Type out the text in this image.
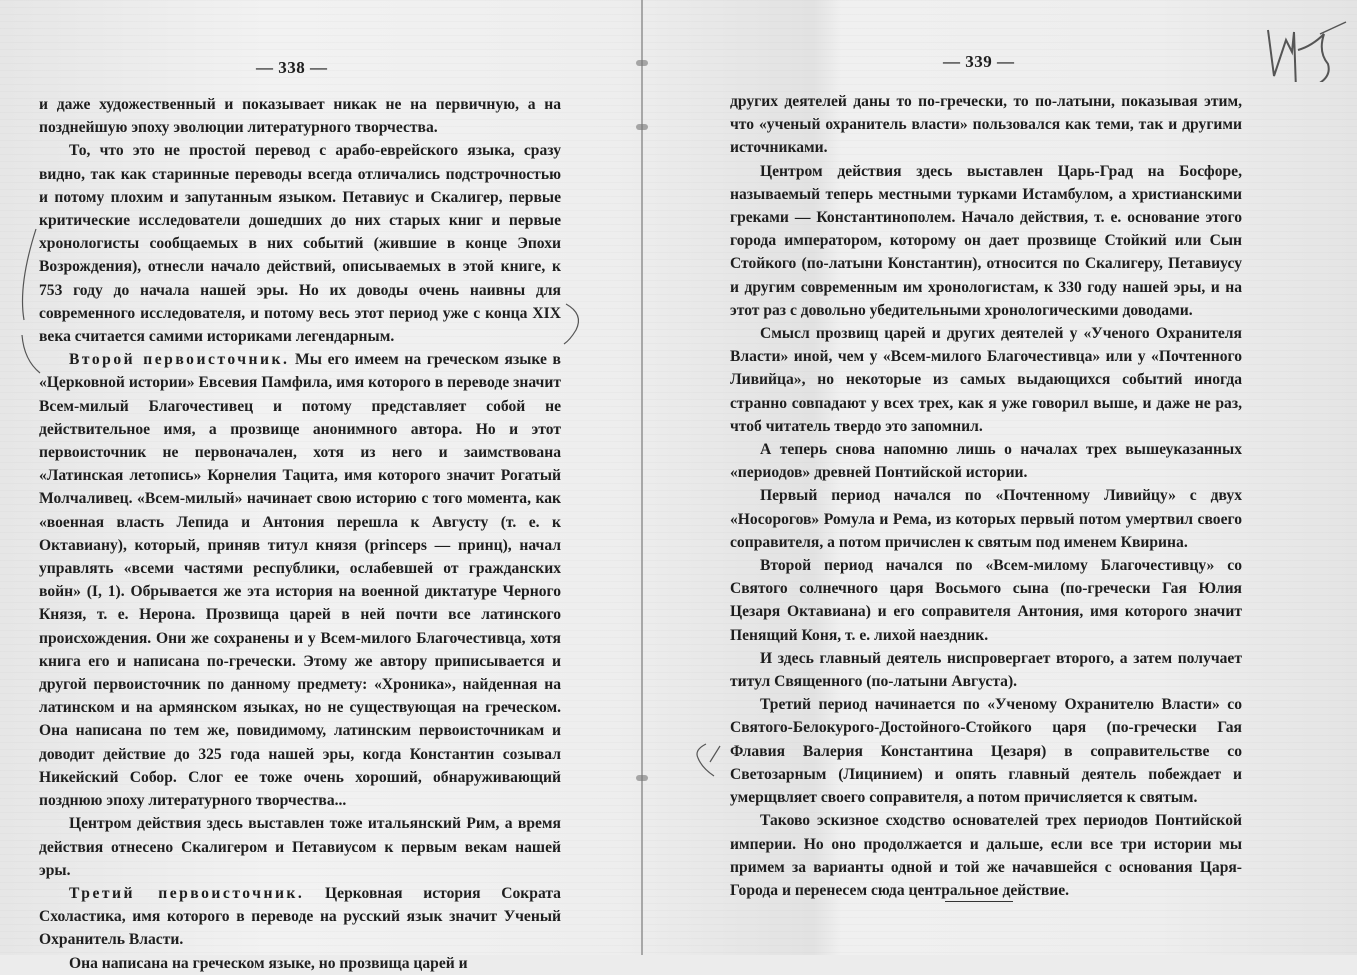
— 338 —

и даже художественный и показывает никак не на первичную, а на позднейшую эпоху эволюции литературного творчества.

То, что это не простой перевод с арабо-еврейского языка, сразу видно, так как старинные переводы всегда отличались подстрочностью и потому плохим и запутанным языком. Петавиус и Скалигер, первые критические исследователи дошедших до них старых книг и первые хронологисты сообщаемых в них событий (жившие в конце Эпохи Возрождения), отнесли начало действий, описываемых в этой книге, к 753 году до начала нашей эры. Но их доводы очень наивны для современного исследователя, и потому весь этот период уже с конца XIX века считается самими историками легендарным.

Второй первоисточник. Мы его имеем на греческом языке в «Церковной истории» Евсевия Памфила, имя которого в переводе значит Всем-милый Благочестивец и потому представляет собой не действительное имя, а прозвище анонимного автора. Но и этот первоисточник не первоначален, хотя из него и заимствована «Латинская летопись» Корнелия Тацита, имя которого значит Рогатый Молчаливец. «Всем-милый» начинает свою историю с того момента, как «военная власть Лепида и Антония перешла к Августу (т. е. к Октавиану), который, приняв титул князя (princeps — принц), начал управлять «всеми частями республики, ослабевшей от гражданских войн» (I, 1). Обрывается же эта история на военной диктатуре Черного Князя, т. е. Нерона. Прозвища царей в ней почти все латинского происхождения. Они же сохранены и у Всем-милого Благочестивца, хотя книга его и написана по-гречески. Этому же автору приписывается и другой первоисточник по данному предмету: «Хроника», найденная на латинском и на армянском языках, но не существующая на греческом. Она написана по тем же, повидимому, латинским первоисточникам и доводит действие до 325 года нашей эры, когда Константин созывал Никейский Собор. Слог ее тоже очень хороший, обнаруживающий позднюю эпоху литературного творчества...

Центром действия здесь выставлен тоже итальянский Рим, а время действия отнесено Скалигером и Петавиусом к первым векам нашей эры.

Третий первоисточник. Церковная история Сократа Схоластика, имя которого в переводе на русский язык значит Ученый Охранитель Власти.

Она написана на греческом языке, но прозвища царей и

— 339 —

других деятелей даны то по-гречески, то по-латыни, показывая этим, что «ученый охранитель власти» пользовался как теми, так и другими источниками.

Центром действия здесь выставлен Царь-Град на Босфоре, называемый теперь местными турками Истамбулом, а христианскими греками — Константинополем. Начало действия, т. е. основание этого города императором, которому он дает прозвище Стойкий или Сын Стойкого (по-латыни Константин), относится по Скалигеру, Петавиусу и другим современным им хронологистам, к 330 году нашей эры, и на этот раз с довольно убедительными хронологическими доводами.

Смысл прозвищ царей и других деятелей у «Ученого Охранителя Власти» иной, чем у «Всем-милого Благочестивца» или у «Почтенного Ливийца», но некоторые из самых выдающихся событий иногда странно совпадают у всех трех, как я уже говорил выше, и даже не раз, чтоб читатель твердо это запомнил.

А теперь снова напомню лишь о началах трех вышеуказанных «периодов» древней Понтийской истории.

Первый период начался по «Почтенному Ливийцу» с двух «Носорогов» Ромула и Рема, из которых первый потом умертвил своего соправителя, а потом причислен к святым под именем Квирина.

Второй период начался по «Всем-милому Благочестивцу» со Святого солнечного царя Восьмого сына (по-гречески Гая Юлия Цезаря Октавиана) и его соправителя Антония, имя которого значит Пенящий Коня, т. е. лихой наездник.

И здесь главный деятель ниспровергает второго, а затем получает титул Священного (по-латыни Августа).

Третий период начинается по «Ученому Охранителю Власти» со Святого-Белокурого-Достойного-Стойкого царя (по-гречески Гая Флавия Валерия Константина Цезаря) в соправительстве со Светозарным (Лицинием) и опять главный деятель побеждает и умерщвляет своего соправителя, а потом причисляется к святым.

Таково эскизное сходство основателей трех периодов Понтийской империи. Но оно продолжается и дальше, если все три истории мы примем за варианты одной и той же начавшейся с основания Царя-Города и перенесем сюда центральное действие.
